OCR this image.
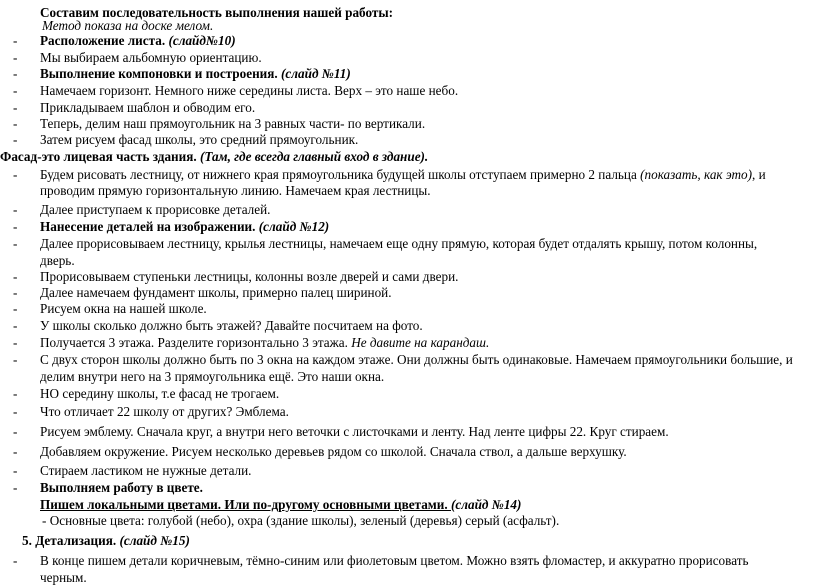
Составим последовательность выполнения нашей работы:
Метод показа на доске мелом.
- Расположение листа. (слайд№10)
- Мы выбираем альбомную ориентацию.
- Выполнение компоновки и построения. (слайд №11)
- Намечаем горизонт. Немного ниже середины листа. Верх – это наше небо.
- Прикладываем шаблон и обводим его.
- Теперь, делим наш прямоугольник на 3 равных части- по вертикали.
- Затем рисуем фасад школы, это средний прямоугольник.
Фасад-это лицевая часть здания. (Там, где всегда главный вход в здание).
- Будем рисовать лестницу, от нижнего края прямоугольника будущей школы отступаем примерно 2 пальца (показать, как это), и
проводим прямую горизонтальную линию. Намечаем края лестницы.
- Далее приступаем к прорисовке деталей.
- Нанесение деталей на изображении. (слайд №12)
- Далее прорисовываем лестницу, крылья лестницы, намечаем еще одну прямую, которая будет отдалять крышу, потом колонны,
дверь.
- Прорисовываем ступеньки лестницы, колонны возле дверей и сами двери.
- Далее намечаем фундамент школы, примерно палец шириной.
- Рисуем окна на нашей школе.
- У школы сколько должно быть этажей? Давайте посчитаем на фото.
- Получается 3 этажа. Разделите горизонтально 3 этажа. Не давите на карандаш.
- С двух сторон школы должно быть по 3 окна на каждом этаже. Они должны быть одинаковые. Намечаем прямоугольники большие, и
делим внутри него на 3 прямоугольника ещё. Это наши окна.
- НО середину школы, т.е фасад не трогаем.
- Что отличает 22 школу от других? Эмблема.
- Рисуем эмблему. Сначала круг, а внутри него веточки с листочками и ленту. Над ленте цифры 22. Круг стираем.
- Добавляем окружение. Рисуем несколько деревьев рядом со школой. Сначала ствол, а дальше верхушку.
- Стираем ластиком не нужные детали.
- Выполняем работу в цвете.
Пишем локальными цветами. Или по-другому основными цветами. (слайд №14)
- Основные цвета: голубой (небо), охра (здание школы), зеленый (деревья) серый (асфальт).
5. Детализация. (слайд №15)
- В конце пишем детали коричневым, тёмно-синим или фиолетовым цветом. Можно взять фломастер, и аккуратно прорисовать
черным.
